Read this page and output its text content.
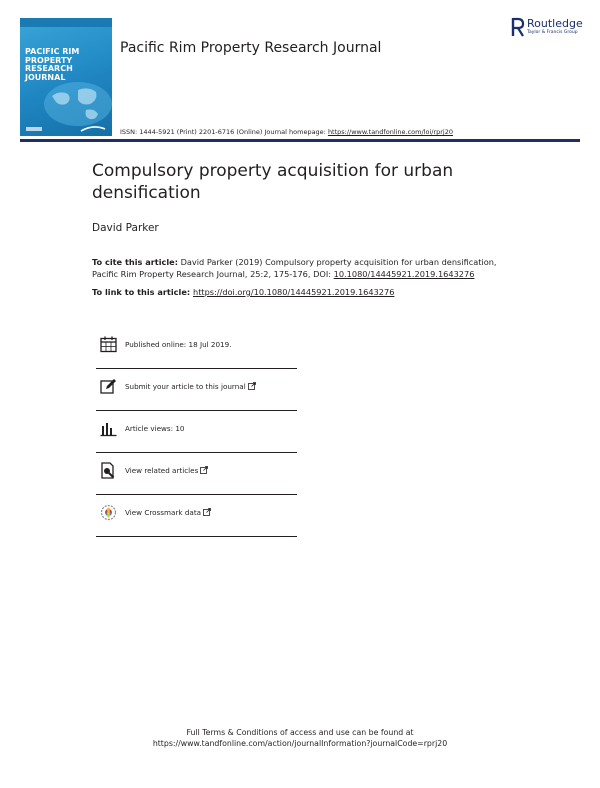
PACIFIC RIM PROPERTY RESEARCH JOURNAL
Pacific Rim Property Research Journal
Routledge
Taylor & Francis Group
ISSN: 1444-5921 (Print) 2201-6716 (Online) Journal homepage: https://www.tandfonline.com/loi/rprj20
Compulsory property acquisition for urban densification
David Parker
To cite this article: David Parker (2019) Compulsory property acquisition for urban densification, Pacific Rim Property Research Journal, 25:2, 175-176, DOI: 10.1080/14445921.2019.1643276
To link to this article: https://doi.org/10.1080/14445921.2019.1643276
Published online: 18 Jul 2019.
Submit your article to this journal
Article views: 10
View related articles
View Crossmark data
Full Terms & Conditions of access and use can be found at
https://www.tandfonline.com/action/journalInformation?journalCode=rprj20
